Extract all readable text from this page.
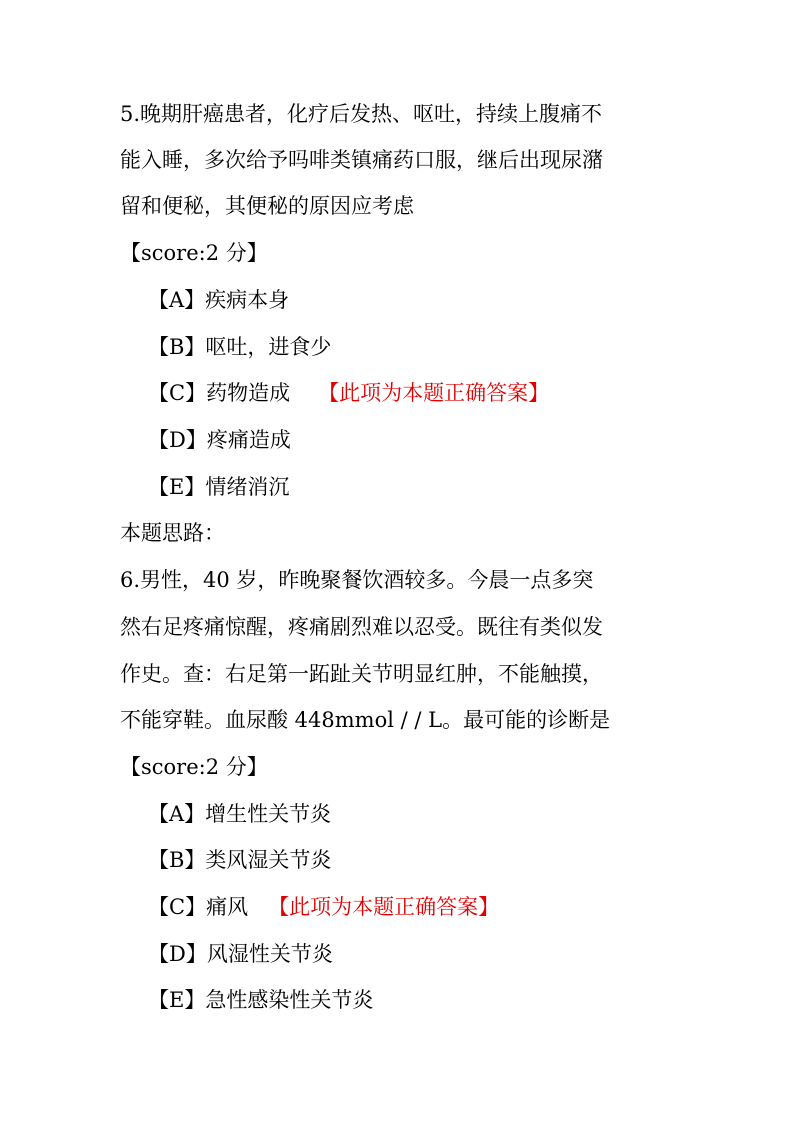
5.晚期肝癌患者，化疗后发热、呕吐，持续上腹痛不
能入睡，多次给予吗啡类镇痛药口服，继后出现尿潴
留和便秘，其便秘的原因应考虑
【score:2 分】
【A】疾病本身
【B】呕吐，进食少
【C】药物造成 【此项为本题正确答案】
【D】疼痛造成
【E】情绪消沉
本题思路：
6.男性，40 岁，昨晚聚餐饮酒较多。今晨一点多突
然右足疼痛惊醒，疼痛剧烈难以忍受。既往有类似发
作史。查：右足第一跖趾关节明显红肿，不能触摸，
不能穿鞋。血尿酸 448mmol / / L。最可能的诊断是
【score:2 分】
【A】增生性关节炎
【B】类风湿关节炎
【C】痛风 【此项为本题正确答案】
【D】风湿性关节炎
【E】急性感染性关节炎
